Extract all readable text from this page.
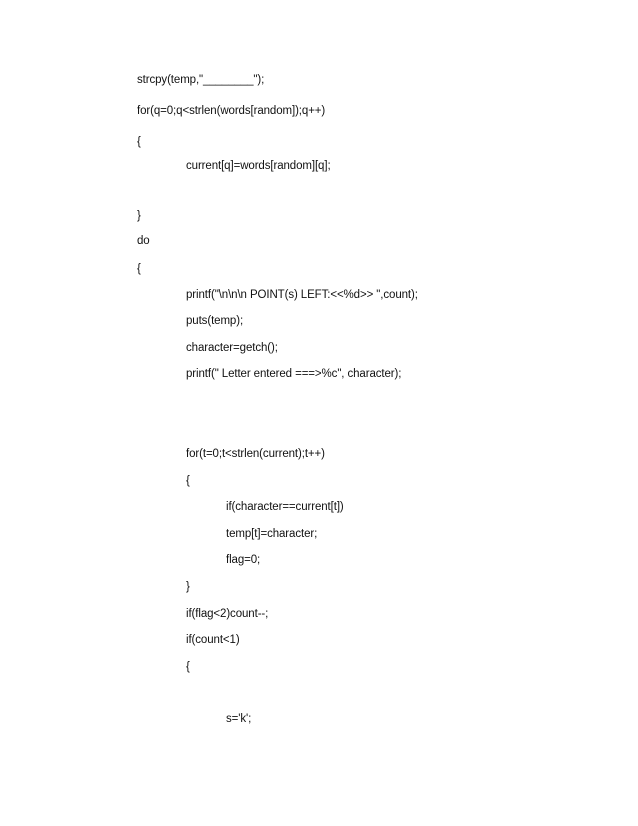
strcpy(temp,"________");
for(q=0;q<strlen(words[random]);q++)
{
current[q]=words[random][q];
}
do
{
printf("\n\n\n POINT(s) LEFT:<<%d>> ",count);
puts(temp);
character=getch();
printf(" Letter entered ===>%c", character);
for(t=0;t<strlen(current);t++)
{
if(character==current[t])
temp[t]=character;
flag=0;
}
if(flag<2)count--;
if(count<1)
{
s='k';
